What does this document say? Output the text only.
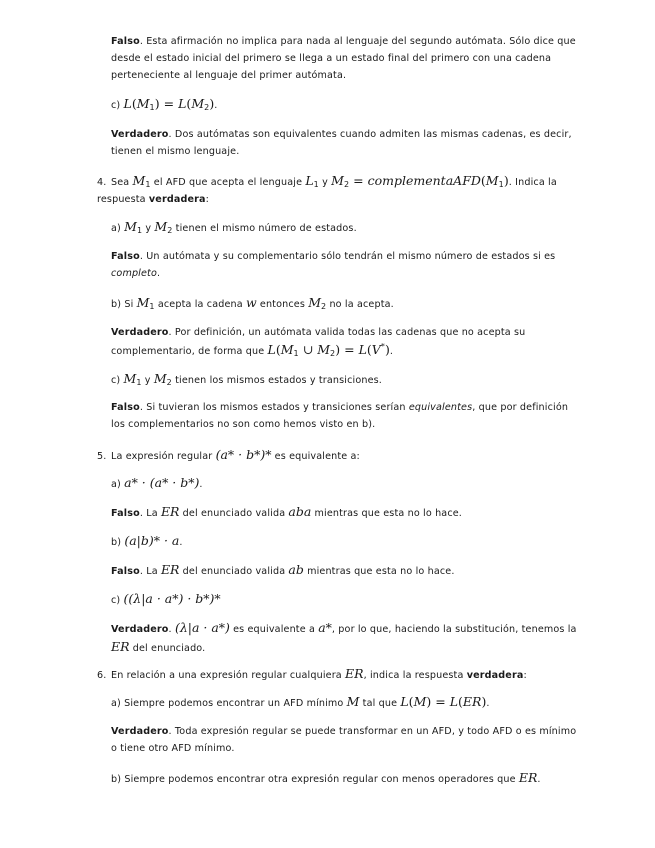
Falso. Esta afirmación no implica para nada al lenguaje del segundo autómata. Sólo dice que desde el estado inicial del primero se llega a un estado final del primero con una cadena perteneciente al lenguaje del primer autómata.
c) $L(M_1) = L(M_2)$.
Verdadero. Dos autómatas son equivalentes cuando admiten las mismas cadenas, es decir, tienen el mismo lenguaje.
4. Sea $M_1$ el AFD que acepta el lenguaje $L_1$ y $M_2$ = $complementaAFD(M_1)$. Indica la respuesta verdadera:
a) $M_1$ y $M_2$ tienen el mismo número de estados.
Falso. Un autómata y su complementario sólo tendrán el mismo número de estados si es completo.
b) Si $M_1$ acepta la cadena w entonces $M_2$ no la acepta.
Verdadero. Por definición, un autómata valida todas las cadenas que no acepta su complementario, de forma que $L(M_1$ ∪ $M_2) = L(V^*)$.
c) $M_1$ y $M_2$ tienen los mismos estados y transiciones.
Falso. Si tuvieran los mismos estados y transiciones serían equivalentes, que por definición los complementarios no son como hemos visto en b).
5. La expresión regular (a* · b*)* es equivalente a:
a) a* · (a* · b*).
Falso. La ER del enunciado valida aba mientras que esta no lo hace.
b) (a|b)* · a.
Falso. La ER del enunciado valida ab mientras que esta no lo hace.
c) ((λ|a · a*) · b*)*
Verdadero. (λ|a · a*) es equivalente a a*, por lo que, haciendo la substitución, tenemos la ER del enunciado.
6. En relación a una expresión regular cualquiera ER, indica la respuesta verdadera:
a) Siempre podemos encontrar un AFD mínimo M tal que L(M) = L(ER).
Verdadero. Toda expresión regular se puede transformar en un AFD, y todo AFD o es mínimo o tiene otro AFD mínimo.
b) Siempre podemos encontrar otra expresión regular con menos operadores que ER.
